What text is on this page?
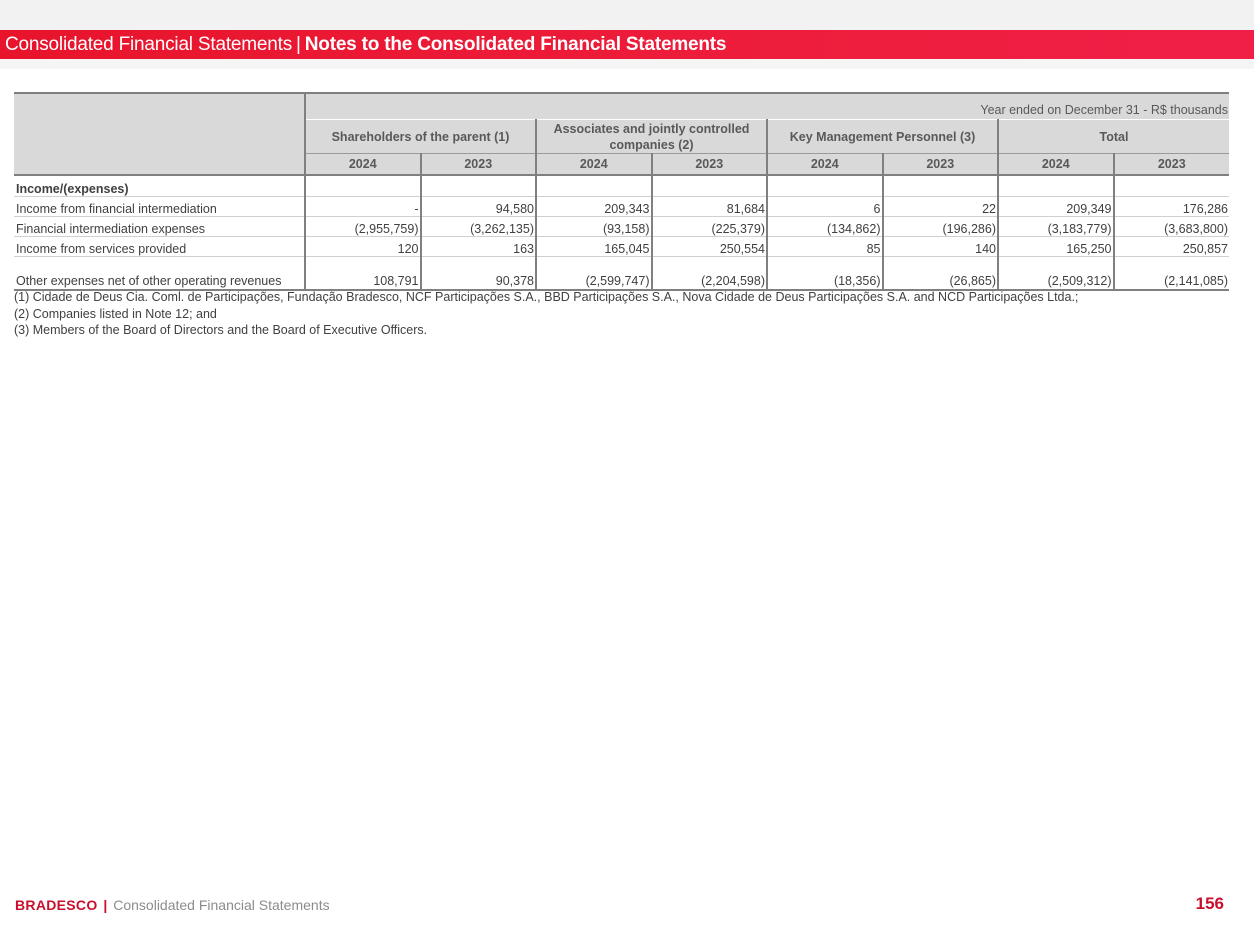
Consolidated Financial Statements | Notes to the Consolidated Financial Statements
	Year ended on December 31 - R$ thousands							
	Shareholders of the parent (1)		Associates and jointly controlled companies (2)		Key Management Personnel (3)		Total	
	2024	2023	2024	2023	2024	2023	2024	2023
Income/(expenses)								
Income from financial intermediation	-	94,580	209,343	81,684	6	22	209,349	176,286
Financial intermediation expenses	(2,955,759)	(3,262,135)	(93,158)	(225,379)	(134,862)	(196,286)	(3,183,779)	(3,683,800)
Income from services provided	120	163	165,045	250,554	85	140	165,250	250,857
Other expenses net of other operating revenues	108,791	90,378	(2,599,747)	(2,204,598)	(18,356)	(26,865)	(2,509,312)	(2,141,085)
(1) Cidade de Deus Cia. Coml. de Participações, Fundação Bradesco, NCF Participações S.A., BBD Participações S.A., Nova Cidade de Deus Participações S.A. and NCD Participações Ltda.;
(2) Companies listed in Note 12; and
(3) Members of the Board of Directors and the Board of Executive Officers.
BRADESCO | Consolidated Financial Statements	156
